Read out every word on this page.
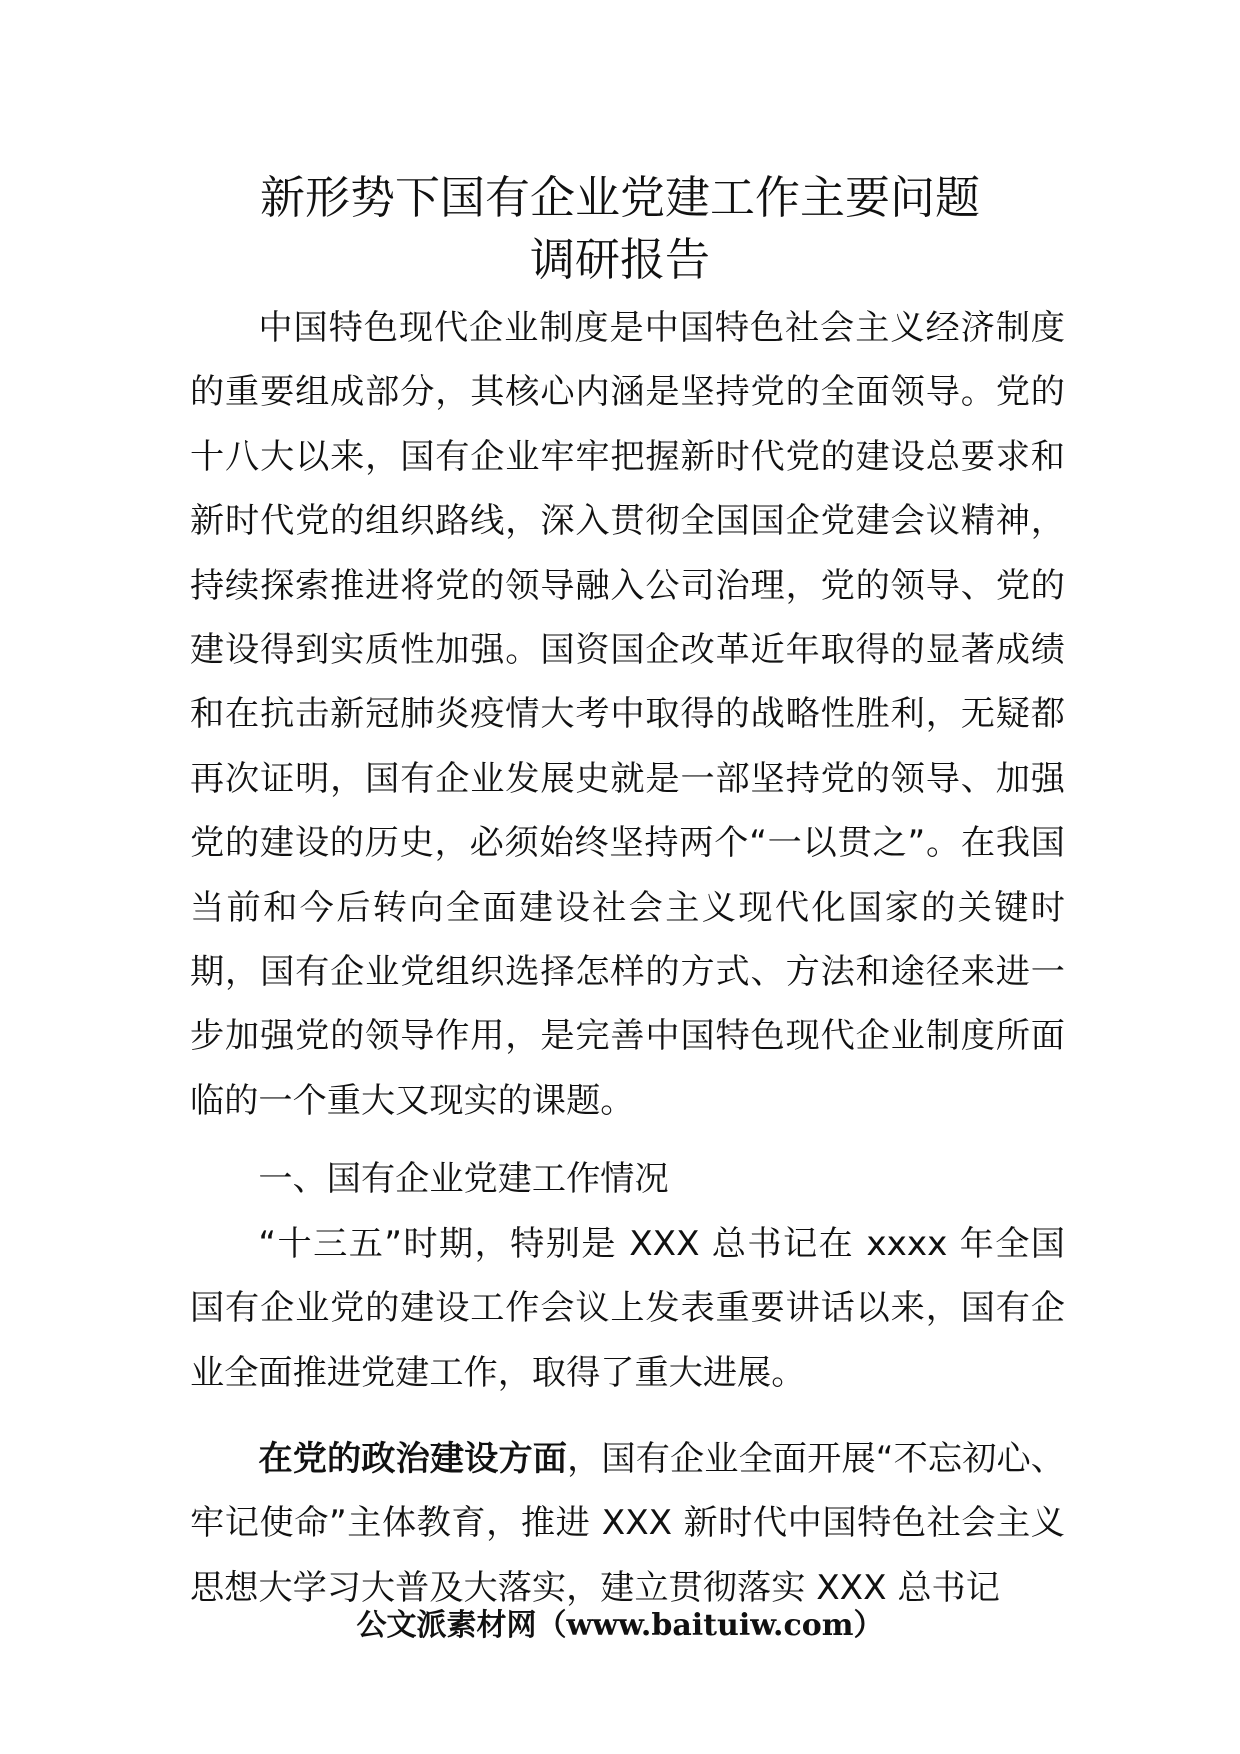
新形势下国有企业党建工作主要问题
调研报告

中国特色现代企业制度是中国特色社会主义经济制度的重要组成部分，其核心内涵是坚持党的全面领导。党的十八大以来，国有企业牢牢把握新时代党的建设总要求和新时代党的组织路线，深入贯彻全国国企党建会议精神，持续探索推进将党的领导融入公司治理，党的领导、党的建设得到实质性加强。国资国企改革近年取得的显著成绩和在抗击新冠肺炎疫情大考中取得的战略性胜利，无疑都再次证明，国有企业发展史就是一部坚持党的领导、加强党的建设的历史，必须始终坚持两个“一以贯之”。在我国当前和今后转向全面建设社会主义现代化国家的关键时期，国有企业党组织选择怎样的方式、方法和途径来进一步加强党的领导作用，是完善中国特色现代企业制度所面临的一个重大又现实的课题。

一、国有企业党建工作情况

“十三五”时期，特别是 XXX 总书记在 xxxx 年全国国有企业党的建设工作会议上发表重要讲话以来，国有企业全面推进党建工作，取得了重大进展。

在党的政治建设方面，国有企业全面开展“不忘初心、牢记使命”主体教育，推进 XXX 新时代中国特色社会主义思想大学习大普及大落实，建立贯彻落实 XXX 总书记

公文派素材网（www.baituiw.com）
